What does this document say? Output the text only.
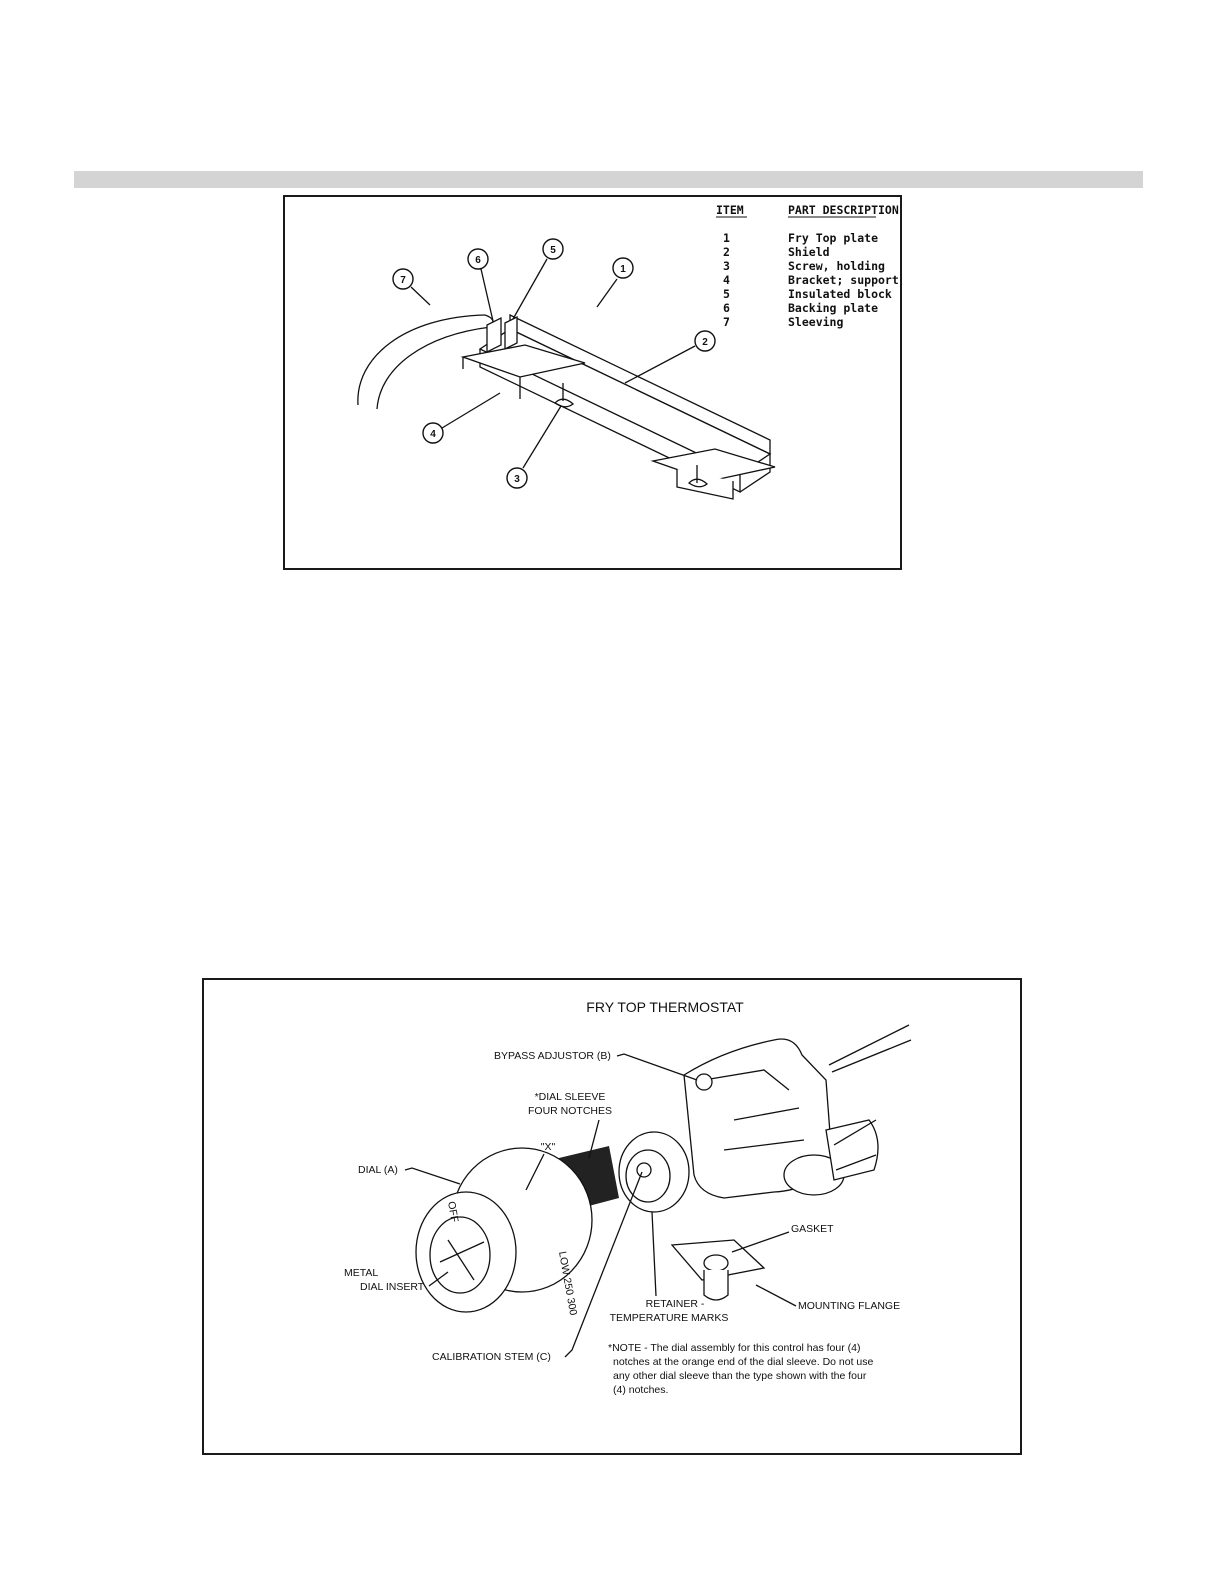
ITEM	PART DESCRIPTION
1	Fry Top plate
2	Shield
3	Screw, holding
4	Bracket; support
5	Insulated block
6	Backing plate
7	Sleeving
1
2
3
4
5
6
7
FRY TOP THERMOSTAT
LOW 250 300
OFF
BYPASS ADJUSTOR (B)
*DIAL SLEEVE
FOUR NOTCHES
"X"
DIAL (A)
METAL
DIAL INSERT
GASKET
MOUNTING FLANGE
RETAINER -
TEMPERATURE MARKS
CALIBRATION STEM (C)
*NOTE - The dial assembly for this control has four (4)
notches at the orange end of the dial sleeve. Do not use
any other dial sleeve than the type shown with the four
(4) notches.
